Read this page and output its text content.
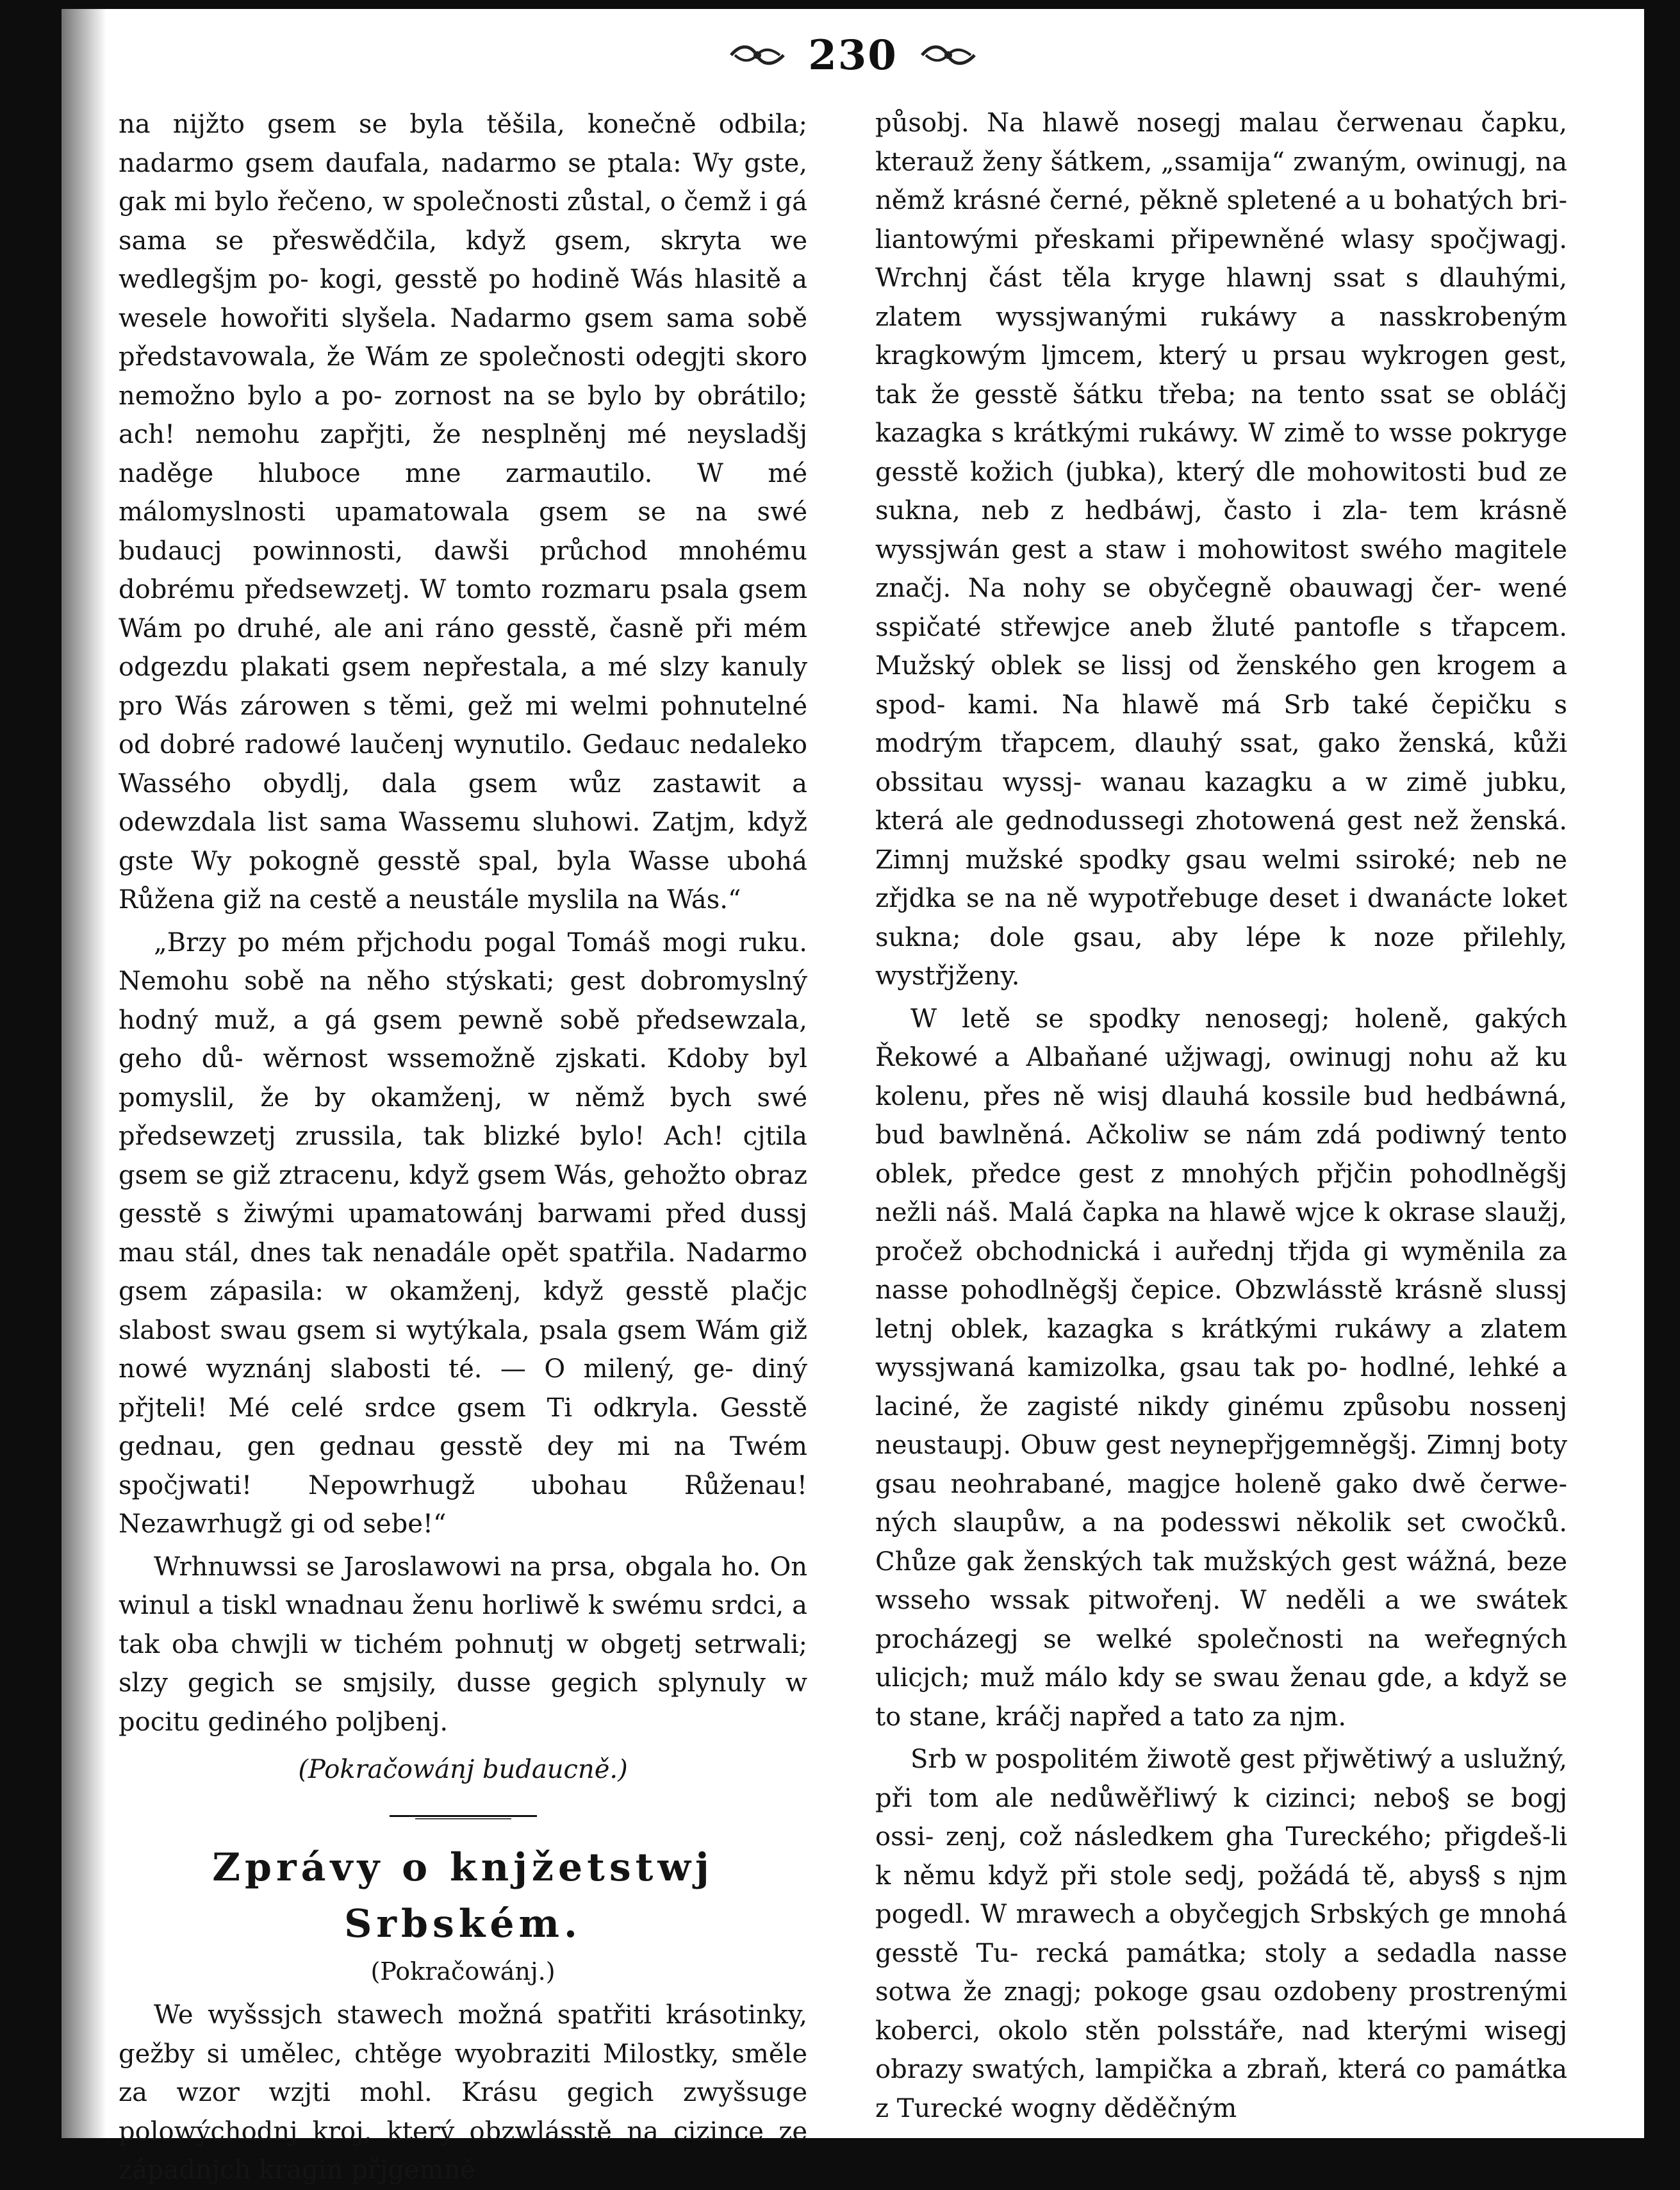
230

na nijžto gsem se byla těšila, konečně odbila; nadarmo gsem daufala, nadarmo se ptala: Wy gste, gak mi bylo řečeno, w společnosti zůstal, o čemž i gá sama se přeswědčila, když gsem, skryta we wedlegšjm po- kogi, gesstě po hodině Wás hlasitě a wesele howořiti slyšela. Nadarmo gsem sama sobě představowala, že Wám ze společnosti odegjti skoro nemožno bylo a po- zornost na se bylo by obrátilo; ach! nemohu zapřjti, že nesplněnj mé neysladšj naděge hluboce mne zarmautilo. W mé málomyslnosti upamatowala gsem se na swé budaucj powinnosti, dawši průchod mnohému dobrému předsewzetj. W tomto rozmaru psala gsem Wám po druhé, ale ani ráno gesstě, časně při mém odgezdu plakati gsem nepřestala, a mé slzy kanuly pro Wás zárowen s těmi, gež mi welmi pohnutelné od dobré radowé laučenj wynutilo. Gedauc nedaleko Wassého obydlj, dala gsem wůz zastawit a odewzdala list sama Wassemu sluhowi. Zatjm, když gste Wy pokogně gesstě spal, byla Wasse ubohá Růžena giž na cestě a neustále myslila na Wás.“

„Brzy po mém přjchodu pogal Tomáš mogi ruku. Nemohu sobě na něho stýskati; gest dobromyslný hodný muž, a gá gsem pewně sobě předsewzala, geho dů- wěrnost wssemožně zjskati. Kdoby byl pomyslil, že by okamženj, w němž bych swé předsewzetj zrussila, tak blizké bylo! Ach! cjtila gsem se giž ztracenu, když gsem Wás, gehožto obraz gesstě s žiwými upamatowánj barwami před dussj mau stál, dnes tak nenadále opět spatřila. Nadarmo gsem zápasila: w okamženj, když gesstě plačjc slabost swau gsem si wytýkala, psala gsem Wám giž nowé wyznánj slabosti té. — O milený, ge- diný přjteli! Mé celé srdce gsem Ti odkryla. Gesstě gednau, gen gednau gesstě dey mi na Twém spočjwati! Nepowrhugž ubohau Růženau! Nezawrhugž gi od sebe!“

Wrhnuwssi se Jaroslawowi na prsa, obgala ho. On winul a tiskl wnadnau ženu horliwě k swému srdci, a tak oba chwjli w tichém pohnutj w obgetj setrwali; slzy gegich se smjsily, dusse gegich splynuly w pocitu gediného poljbenj.

(Pokračowánj budaucně.)

Zprávy o knjžetstwj Srbském.

(Pokračowánj.)

We wyšssjch stawech možná spatřiti krásotinky, gežby si umělec, chtěge wyobraziti Milostky, směle za wzor wzjti mohl. Krásu gegich zwyšsuge polowýchodnj kroj, který obzwlásstě na cizince ze západnjch kragin přjgemně

působj. Na hlawě nosegj malau čerwenau čapku, kterauž ženy šátkem, „ssamija“ zwaným, owinugj, na němž krásné černé, pěkně spletené a u bohatých bri- liantowými přeskami připewněné wlasy spočjwagj. Wrchnj část těla kryge hlawnj ssat s dlauhými, zlatem wyssjwanými rukáwy a nasskrobeným kragkowým ljmcem, který u prsau wykrogen gest, tak že gesstě šátku třeba; na tento ssat se obláčj kazagka s krátkými rukáwy. W zimě to wsse pokryge gesstě kožich (jubka), který dle mohowitosti bud ze sukna, neb z hedbáwj, často i zla- tem krásně wyssjwán gest a staw i mohowitost swého magitele značj. Na nohy se obyčegně obauwagj čer- wené sspičaté střewjce aneb žluté pantofle s třapcem. Mužský oblek se lissj od ženského gen krogem a spod- kami. Na hlawě má Srb také čepičku s modrým třapcem, dlauhý ssat, gako ženská, kůži obssitau wyssj- wanau kazagku a w zimě jubku, která ale gednodussegi zhotowená gest než ženská. Zimnj mužské spodky gsau welmi ssiroké; neb ne zřjdka se na ně wypotřebuge deset i dwanácte loket sukna; dole gsau, aby lépe k noze přilehly, wystřjženy.

W letě se spodky nenosegj; holeně, gakých Řekowé a Albaňané užjwagj, owinugj nohu až ku kolenu, přes ně wisj dlauhá kossile bud hedbáwná, bud bawlněná. Ačkoliw se nám zdá podiwný tento oblek, předce gest z mnohých přjčin pohodlněgšj nežli náš. Malá čapka na hlawě wjce k okrase slaužj, pročež obchodnická i auřednj třjda gi wyměnila za nasse pohodlněgšj čepice. Obzwlásstě krásně slussj letnj oblek, kazagka s krátkými rukáwy a zlatem wyssjwaná kamizolka, gsau tak po- hodlné, lehké a laciné, že zagisté nikdy ginému způsobu nossenj neustaupj. Obuw gest neynepřjgemněgšj. Zimnj boty gsau neohrabané, magjce holeně gako dwě čerwe- ných slaupůw, a na podesswi několik set cwočků. Chůze gak ženských tak mužských gest wážná, beze wsseho wssak pitwořenj. W neděli a we swátek procházegj se welké společnosti na weřegných ulicjch; muž málo kdy se swau ženau gde, a když se to stane, kráčj napřed a tato za njm.

Srb w pospolitém žiwotě gest přjwětiwý a uslužný, při tom ale nedůwěřliwý k cizinci; nebo§ se bogj ossi- zenj, což následkem gha Tureckého; přigdeš-li k němu když při stole sedj, požádá tě, abys§ s njm pogedl. W mrawech a obyčegjch Srbských ge mnohá gesstě Tu- recká památka; stoly a sedadla nasse sotwa že znagj; pokoge gsau ozdobeny prostrenými koberci, okolo stěn polsstáře, nad kterými wisegj obrazy swatých, lampička a zbraň, která co památka z Turecké wogny děděčným
